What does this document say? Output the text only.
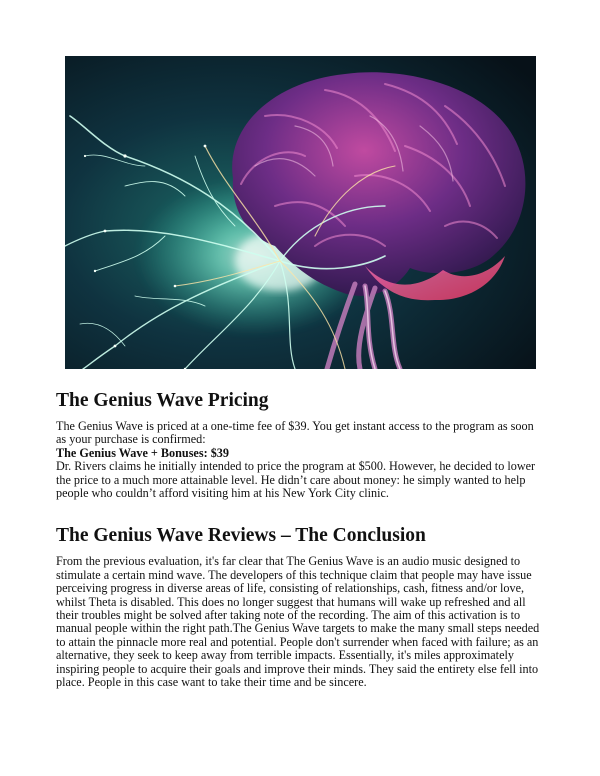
The Genius Wave Pricing

The Genius Wave is priced at a one-time fee of $39. You get instant access to the program as soon as your purchase is confirmed:

The Genius Wave + Bonuses: $39

Dr. Rivers claims he initially intended to price the program at $500. However, he decided to lower the price to a much more attainable level. He didn’t care about money: he simply wanted to help people who couldn’t afford visiting him at his New York City clinic.

The Genius Wave Reviews – The Conclusion

From the previous evaluation, it's far clear that The Genius Wave is an audio music designed to stimulate a certain mind wave. The developers of this technique claim that people may have issue perceiving progress in diverse areas of life, consisting of relationships, cash, fitness and/or love, whilst Theta is disabled. This does no longer suggest that humans will wake up refreshed and all their troubles might be solved after taking note of the recording. The aim of this activation is to manual people within the right path.The Genius Wave targets to make the many small steps needed to attain the pinnacle more real and potential. People don't surrender when faced with failure; as an alternative, they seek to keep away from terrible impacts. Essentially, it's miles approximately inspiring people to acquire their goals and improve their minds. They said the entirety else fell into place. People in this case want to take their time and be sincere.
